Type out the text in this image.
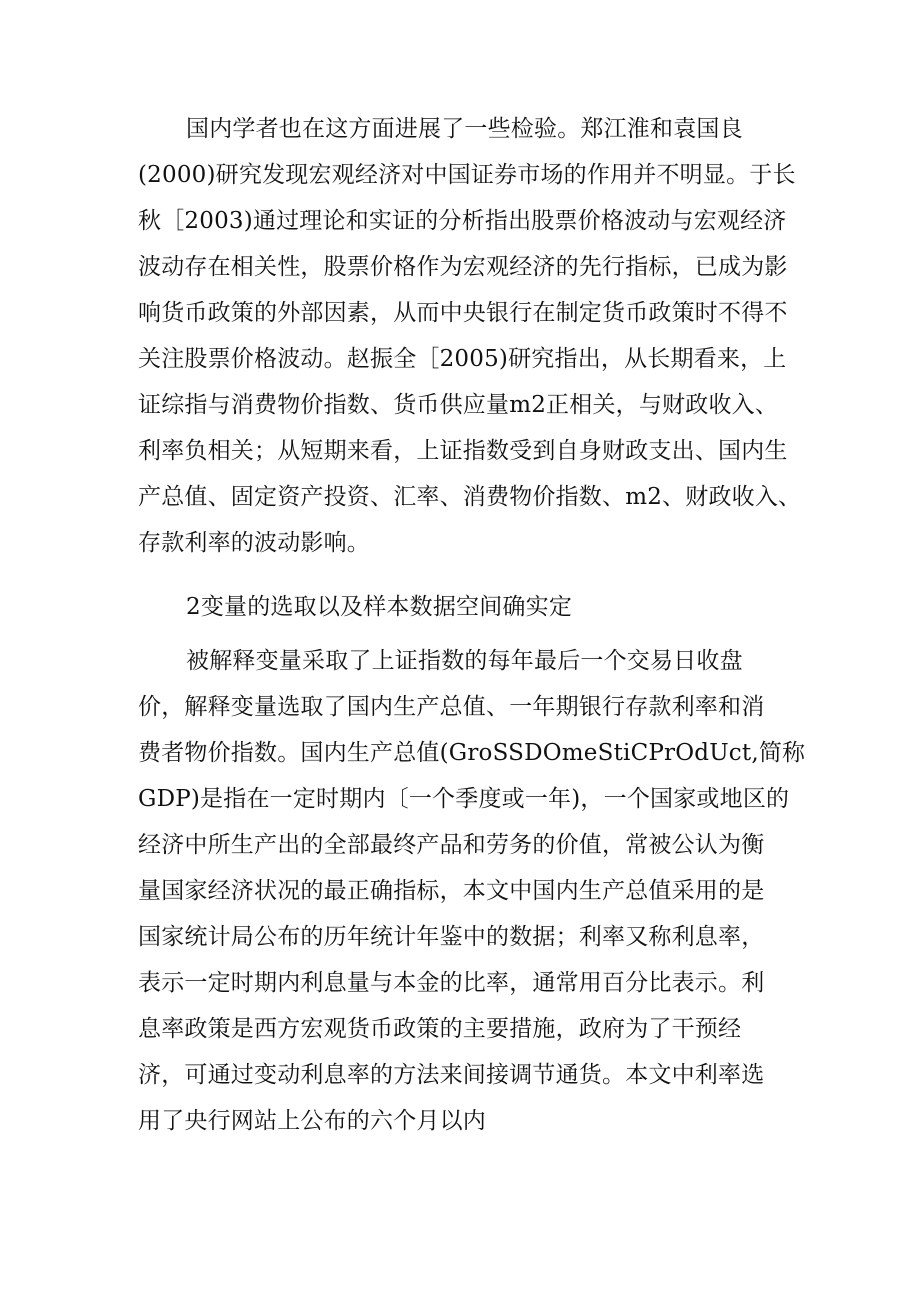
国内学者也在这方面进展了一些检验。郑江淮和袁国良
(2000)研究发现宏观经济对中国证券市场的作用并不明显。于长
秋［2003)通过理论和实证的分析指出股票价格波动与宏观经济
波动存在相关性，股票价格作为宏观经济的先行指标，已成为影
响货币政策的外部因素，从而中央银行在制定货币政策时不得不
关注股票价格波动。赵振全［2005)研究指出，从长期看来，上
证综指与消费物价指数、货币供应量m2正相关，与财政收入、
利率负相关；从短期来看，上证指数受到自身财政支出、国内生
产总值、固定资产投资、汇率、消费物价指数、m2、财政收入、
存款利率的波动影响。
2变量的选取以及样本数据空间确实定
被解释变量采取了上证指数的每年最后一个交易日收盘
价，解释变量选取了国内生产总值、一年期银行存款利率和消
费者物价指数。国内生产总值(GroSSDOmeStiCPrOdUct,简称
GDP)是指在一定时期内〔一个季度或一年)，一个国家或地区的
经济中所生产出的全部最终产品和劳务的价值，常被公认为衡
量国家经济状况的最正确指标，本文中国内生产总值采用的是
国家统计局公布的历年统计年鉴中的数据；利率又称利息率，
表示一定时期内利息量与本金的比率，通常用百分比表示。利
息率政策是西方宏观货币政策的主要措施，政府为了干预经
济，可通过变动利息率的方法来间接调节通货。本文中利率选
用了央行网站上公布的六个月以内
